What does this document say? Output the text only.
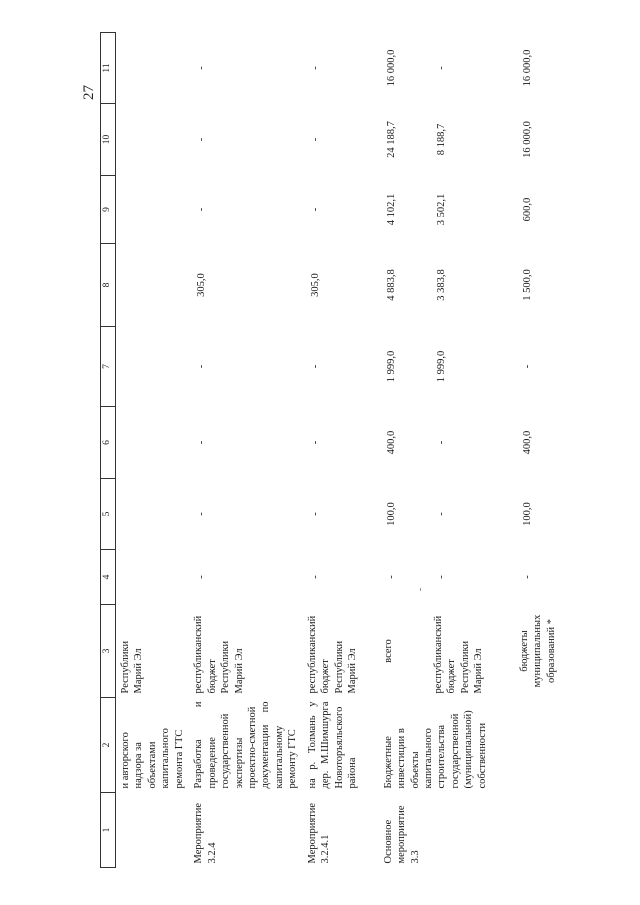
27
1	2	3	4	5	6	7	8	9	10	11
	и авторского надзора за объектами капитального ремонта ГТС	Республики Марий Эл								
Мероприятие 3.2.4	Разработка и проведение государственной экспертизы проектно-сметной документации по капитальному ремонту ГТС	республиканский бюджет Республики Марий Эл	-	-	-	-	305,0	-	-	-
Мероприятие 3.2.4.1	на р. Толмань у дер. М.Шимшурга Новоторъяльского района	республиканский бюджет Республики Марий Эл	-	-	-	-	305,0	-	-	-
Основное мероприятие 3.3	Бюджетные инвестиции в объекты капитального строительства государственной (муниципальной) собственности	всего	-	100,0	400,0	1 999,0	4 883,8	4 102,1	24 188,7	16 000,0
		республиканский бюджет Республики Марий Эл	-	-	-	1 999,0	3 383,8	3 502,1	8 188,7	-
		бюджеты муниципальных образований *	-	100,0	400,0	-	1 500,0	600,0	16 000,0	16 000,0
